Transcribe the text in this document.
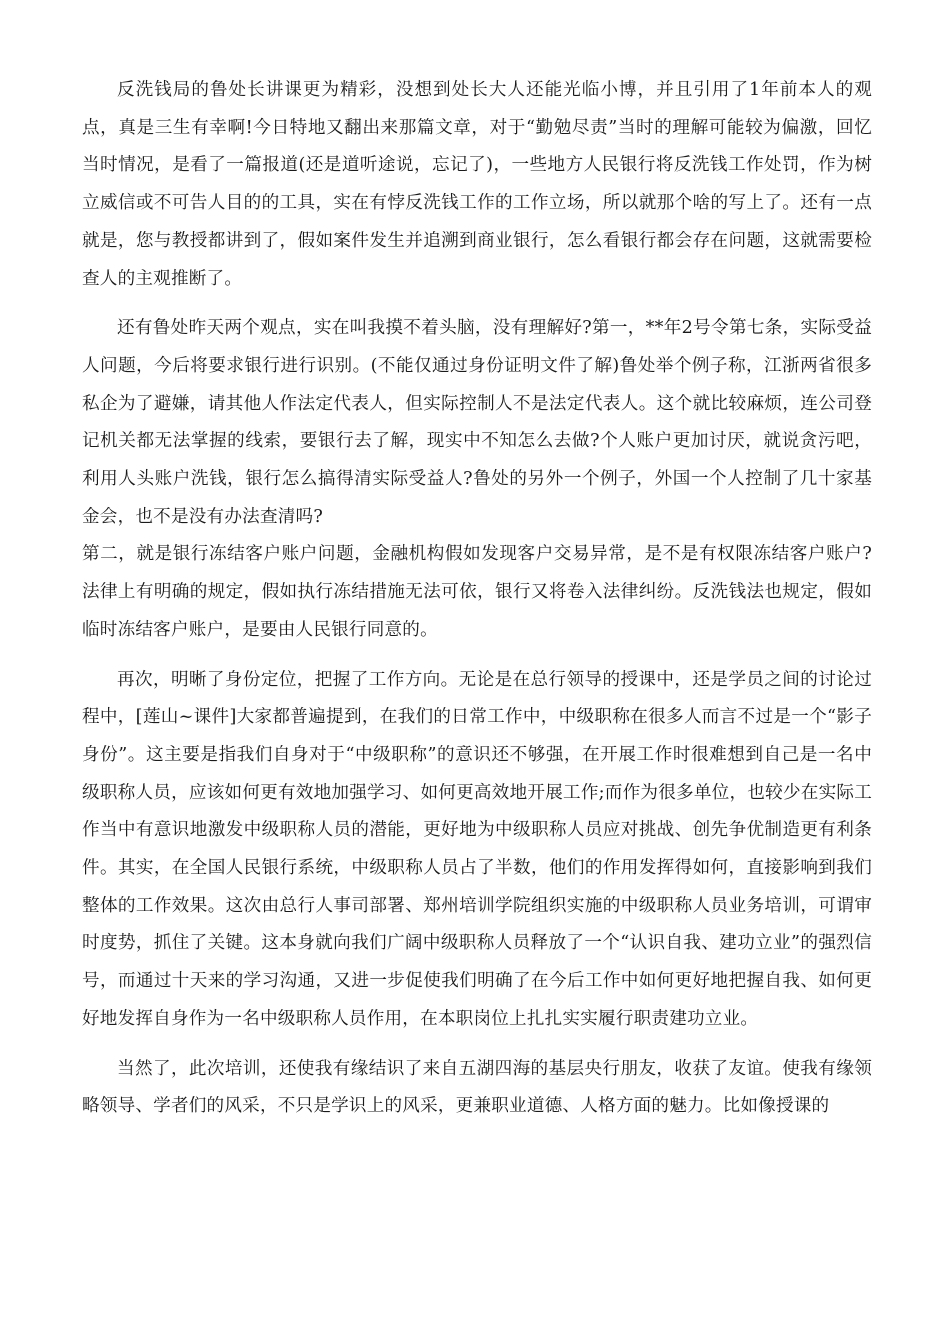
反洗钱局的鲁处长讲课更为精彩，没想到处长大人还能光临小博，并且引用了1年前本人的观点，真是三生有幸啊!今日特地又翻出来那篇文章，对于“勤勉尽责”当时的理解可能较为偏激，回忆当时情况，是看了一篇报道(还是道听途说，忘记了)，一些地方人民银行将反洗钱工作处罚，作为树立威信或不可告人目的的工具，实在有悖反洗钱工作的工作立场，所以就那个啥的写上了。还有一点就是，您与教授都讲到了，假如案件发生并追溯到商业银行，怎么看银行都会存在问题，这就需要检查人的主观推断了。

还有鲁处昨天两个观点，实在叫我摸不着头脑，没有理解好?第一，**年2号令第七条，实际受益人问题，今后将要求银行进行识别。(不能仅通过身份证明文件了解)鲁处举个例子称，江浙两省很多私企为了避嫌，请其他人作法定代表人，但实际控制人不是法定代表人。这个就比较麻烦，连公司登记机关都无法掌握的线索，要银行去了解，现实中不知怎么去做?个人账户更加讨厌，就说贪污吧，利用人头账户洗钱，银行怎么搞得清实际受益人?鲁处的另外一个例子，外国一个人控制了几十家基金会，也不是没有办法查清吗?

第二，就是银行冻结客户账户问题，金融机构假如发现客户交易异常，是不是有权限冻结客户账户?法律上有明确的规定，假如执行冻结措施无法可依，银行又将卷入法律纠纷。反洗钱法也规定，假如临时冻结客户账户，是要由人民银行同意的。

再次，明晰了身份定位，把握了工作方向。无论是在总行领导的授课中，还是学员之间的讨论过程中，[莲山~课件]大家都普遍提到，在我们的日常工作中，中级职称在很多人而言不过是一个“影子身份”。这主要是指我们自身对于“中级职称”的意识还不够强，在开展工作时很难想到自己是一名中级职称人员，应该如何更有效地加强学习、如何更高效地开展工作;而作为很多单位，也较少在实际工作当中有意识地激发中级职称人员的潜能，更好地为中级职称人员应对挑战、创先争优制造更有利条件。其实，在全国人民银行系统，中级职称人员占了半数，他们的作用发挥得如何，直接影响到我们整体的工作效果。这次由总行人事司部署、郑州培训学院组织实施的中级职称人员业务培训，可谓审时度势，抓住了关键。这本身就向我们广阔中级职称人员释放了一个“认识自我、建功立业”的强烈信号，而通过十天来的学习沟通，又进一步促使我们明确了在今后工作中如何更好地把握自我、如何更好地发挥自身作为一名中级职称人员作用，在本职岗位上扎扎实实履行职责建功立业。

当然了，此次培训，还使我有缘结识了来自五湖四海的基层央行朋友，收获了友谊。使我有缘领略领导、学者们的风采，不只是学识上的风采，更兼职业道德、人格方面的魅力。比如像授课的
